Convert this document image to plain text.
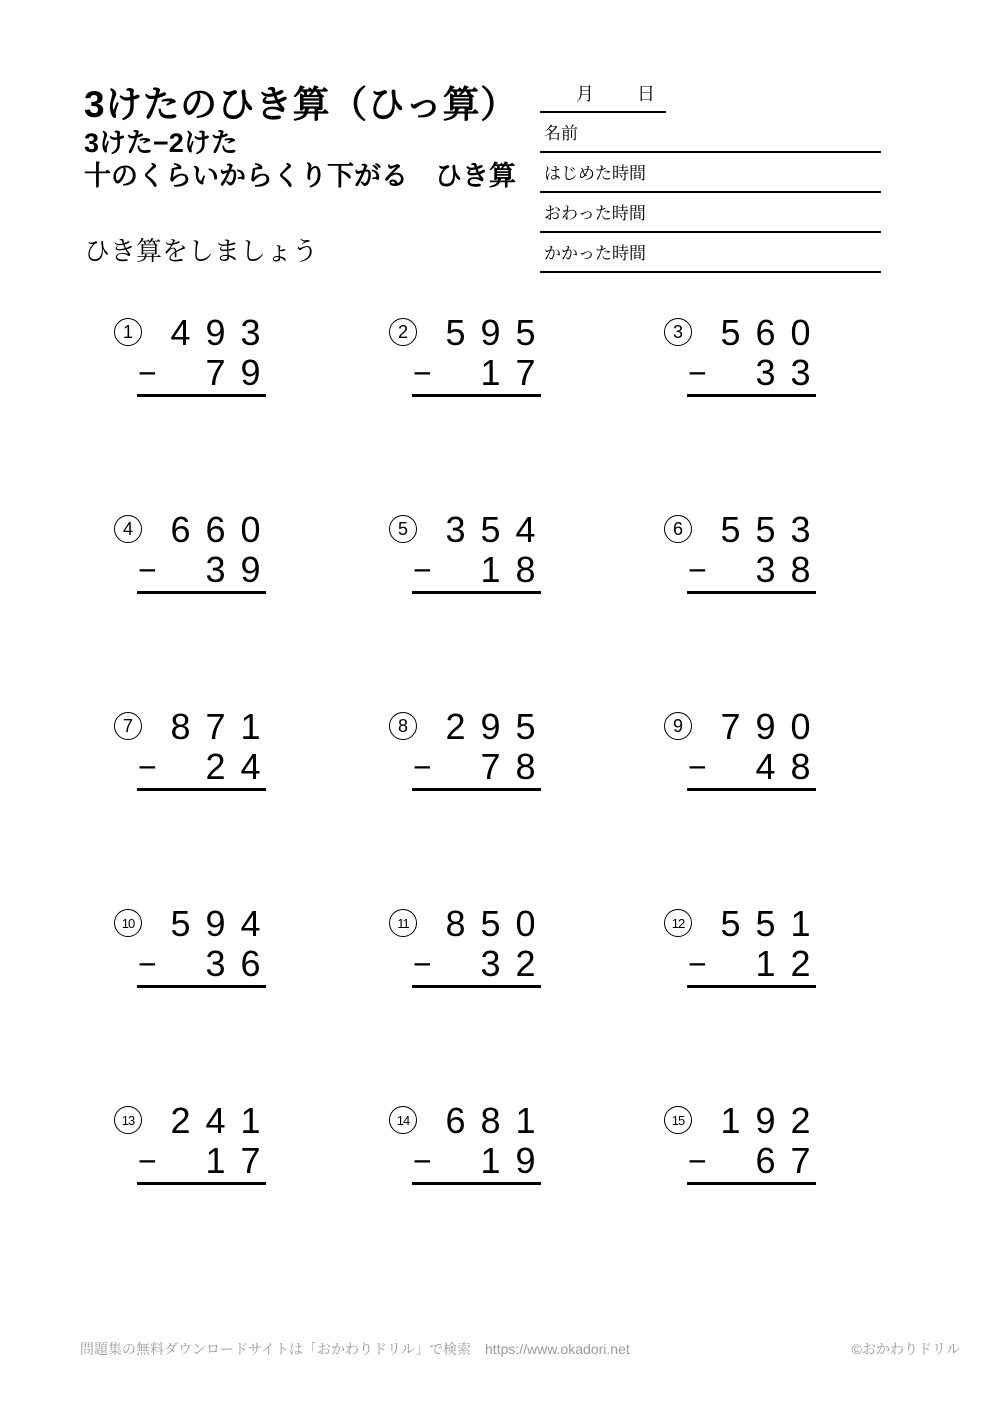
3けたのひき算（ひっ算）
3けた−2けた
十のくらいからくり下がる　ひき算
ひき算をしましょう
月 日
名前
はじめた時間
おわった時間
かかった時間
1	4 9 3
− 7 9
2	5 9 5
− 1 7
3	5 6 0
− 3 3
4	6 6 0
− 3 9
5	3 5 4
− 1 8
6	5 5 3
− 3 8
7	8 7 1
− 2 4
8	2 9 5
− 7 8
9	7 9 0
− 4 8
10	5 9 4
− 3 6
11	8 5 0
− 3 2
12	5 5 1
− 1 2
13	2 4 1
− 1 7
14	6 8 1
− 1 9
15	1 9 2
− 6 7
問題集の無料ダウンロードサイトは「おかわりドリル」で検索　https://www.okadori.net	©おかわりドリル
